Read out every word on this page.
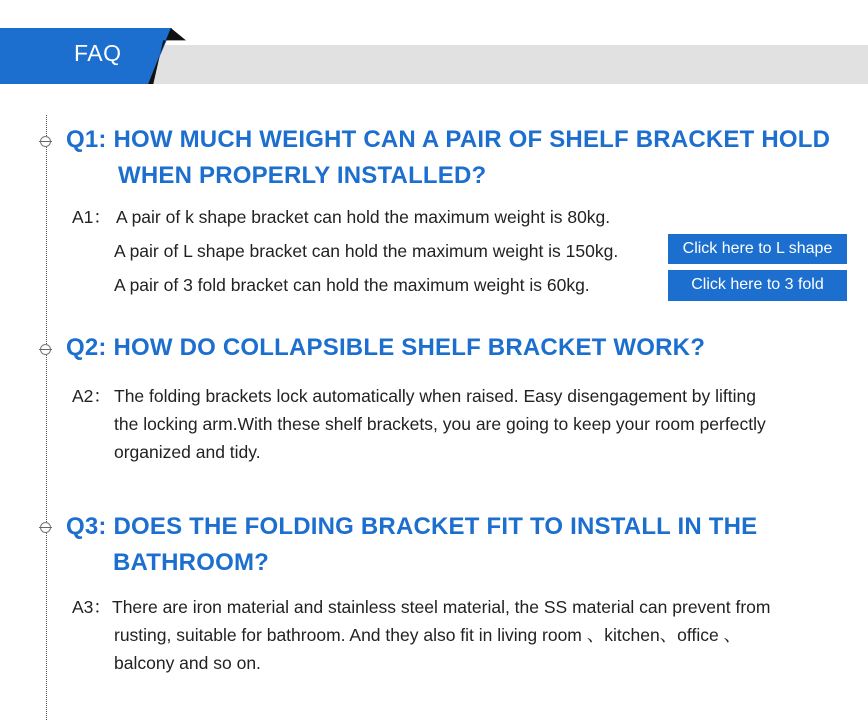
FAQ
Q1: HOW MUCH WEIGHT CAN A PAIR OF SHELF BRACKET HOLD
WHEN PROPERLY INSTALLED?
A1： A pair of k shape bracket can hold the maximum weight is 80kg.
A pair of L shape bracket can hold the maximum weight is 150kg.
A pair of 3 fold bracket can hold the maximum weight is 60kg.
Click here to L shape
Click here to 3 fold
Q2: HOW DO COLLAPSIBLE SHELF BRACKET WORK?
A2： The folding brackets lock automatically when raised. Easy disengagement by lifting
the locking arm.With these shelf brackets, you are going to keep your room perfectly
organized and tidy.
Q3: DOES THE FOLDING BRACKET FIT TO INSTALL IN THE
BATHROOM?
A3： There are iron material and stainless steel material, the SS material can prevent from
rusting, suitable for bathroom. And they also fit in living room 、kitchen、office 、
balcony and so on.
